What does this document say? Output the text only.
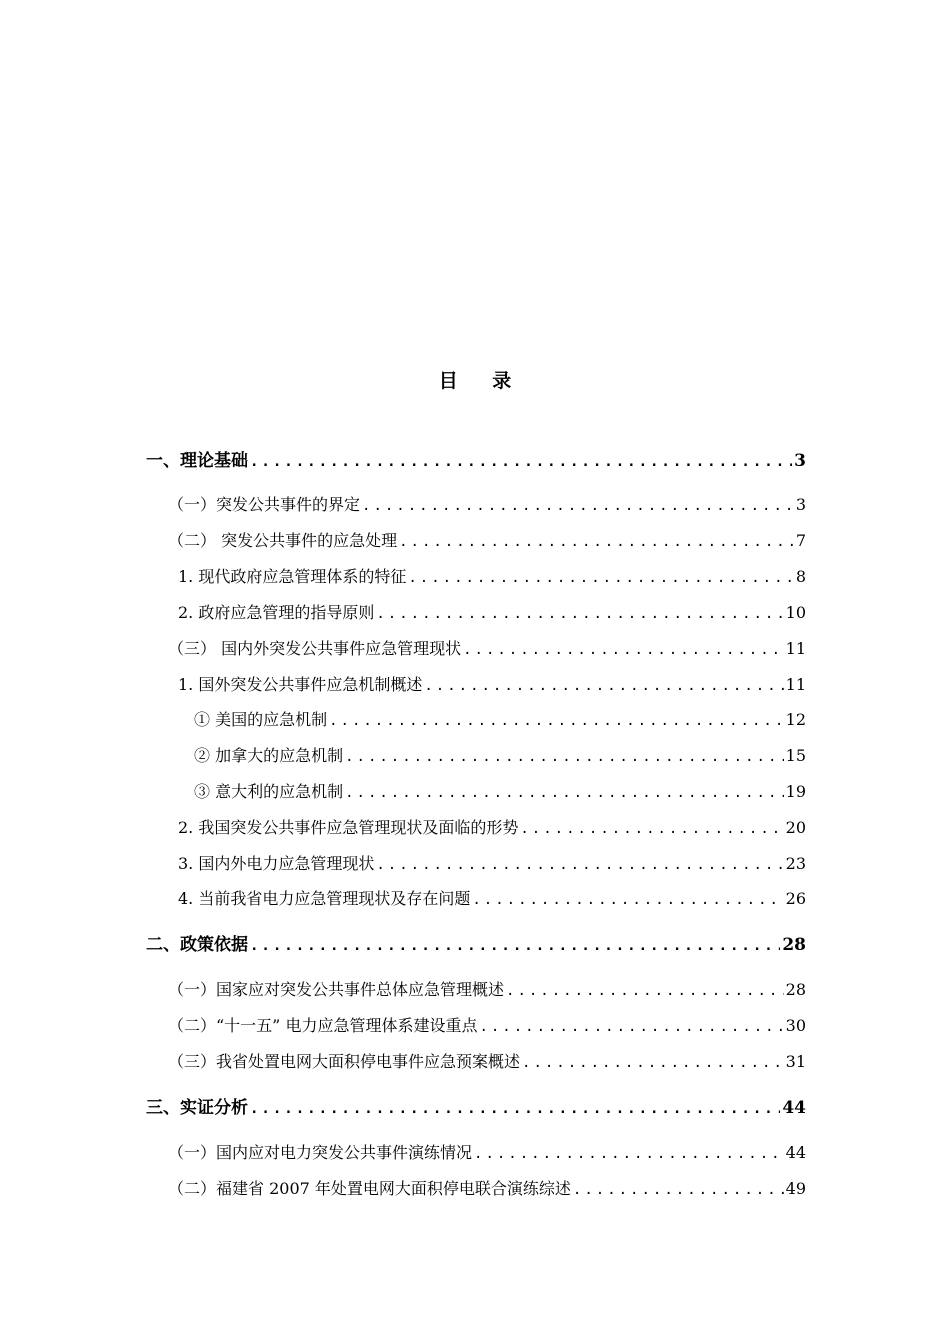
目 录
一、理论基础 .....	3
（一）突发公共事件的界定 .....	3
（二） 突发公共事件的应急处理 .....	7
1. 现代政府应急管理体系的特征 .....	8
2. 政府应急管理的指导原则 .....	10
（三） 国内外突发公共事件应急管理现状 .....	11
1. 国外突发公共事件应急机制概述 .....	11
① 美国的应急机制 .....	12
② 加拿大的应急机制 .....	15
③ 意大利的应急机制 .....	19
2. 我国突发公共事件应急管理现状及面临的形势 .....	20
3. 国内外电力应急管理现状 .....	23
4. 当前我省电力应急管理现状及存在问题 .....	26
二、政策依据 .....	28
（一）国家应对突发公共事件总体应急管理概述 .....	28
（二）“十一五” 电力应急管理体系建设重点 .....	30
（三）我省处置电网大面积停电事件应急预案概述 .....	31
三、实证分析 .....	44
（一）国内应对电力突发公共事件演练情况 .....	44
（二）福建省 2007 年处置电网大面积停电联合演练综述 .....	49
